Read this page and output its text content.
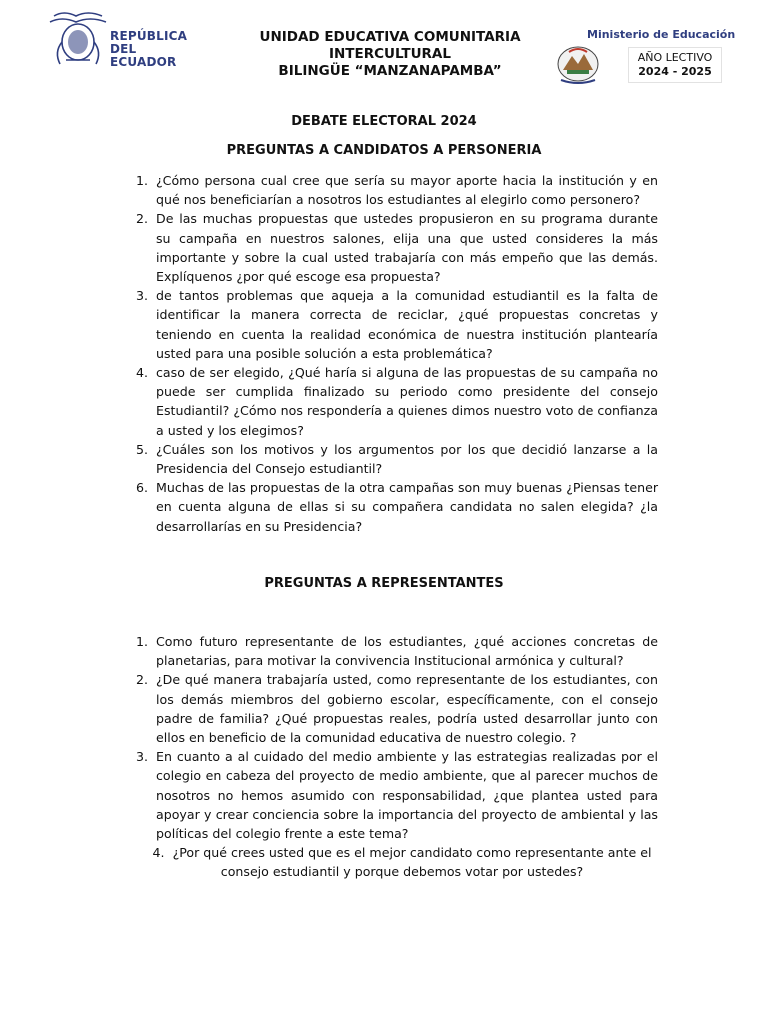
REPÚBLICA
DEL ECUADOR
UNIDAD EDUCATIVA COMUNITARIA INTERCULTURAL
BILINGÜE “MANZANAPAMBA”
Ministerio de Educación
AÑO LECTIVO
2024 - 2025
DEBATE ELECTORAL 2024
PREGUNTAS A CANDIDATOS A PERSONERIA
1. ¿Cómo persona cual cree que sería su mayor aporte hacia la institución y en qué nos beneficiarían a nosotros los estudiantes al elegirlo como personero?
2. De las muchas propuestas que ustedes propusieron en su programa durante su campaña en nuestros salones, elija una que usted consideres la más importante y sobre la cual usted trabajaría con más empeño que las demás. Explíquenos ¿por qué escoge esa propuesta?
3. de tantos problemas que aqueja a la comunidad estudiantil es la falta de identificar la manera correcta de reciclar, ¿qué propuestas concretas y teniendo en cuenta la realidad económica de nuestra institución plantearía usted para una posible solución a esta problemática?
4. caso de ser elegido, ¿Qué haría si alguna de las propuestas de su campaña no puede ser cumplida finalizado su periodo como presidente del consejo Estudiantil? ¿Cómo nos respondería a quienes dimos nuestro voto de confianza a usted y los elegimos?
5. ¿Cuáles son los motivos y los argumentos por los que decidió lanzarse a la Presidencia del Consejo estudiantil?
6. Muchas de las propuestas de la otra campañas son muy buenas ¿Piensas tener en cuenta alguna de ellas si su compañera candidata no salen elegida? ¿la desarrollarías en su Presidencia?
PREGUNTAS A REPRESENTANTES
1. Como futuro representante de los estudiantes, ¿qué acciones concretas de planetarias, para motivar la convivencia Institucional armónica y cultural?
2. ¿De qué manera trabajaría usted, como representante de los estudiantes, con los demás miembros del gobierno escolar, específicamente, con el consejo padre de familia? ¿Qué propuestas reales, podría usted desarrollar junto con ellos en beneficio de la comunidad educativa de nuestro colegio. ?
3. En cuanto a al cuidado del medio ambiente y las estrategias realizadas por el colegio en cabeza del proyecto de medio ambiente, que al parecer muchos de nosotros no hemos asumido con responsabilidad, ¿que plantea usted para apoyar y crear conciencia sobre la importancia del proyecto de ambiental y las políticas del colegio frente a este tema?
4. ¿Por qué crees usted que es el mejor candidato como representante ante el consejo estudiantil y porque debemos votar por ustedes?
